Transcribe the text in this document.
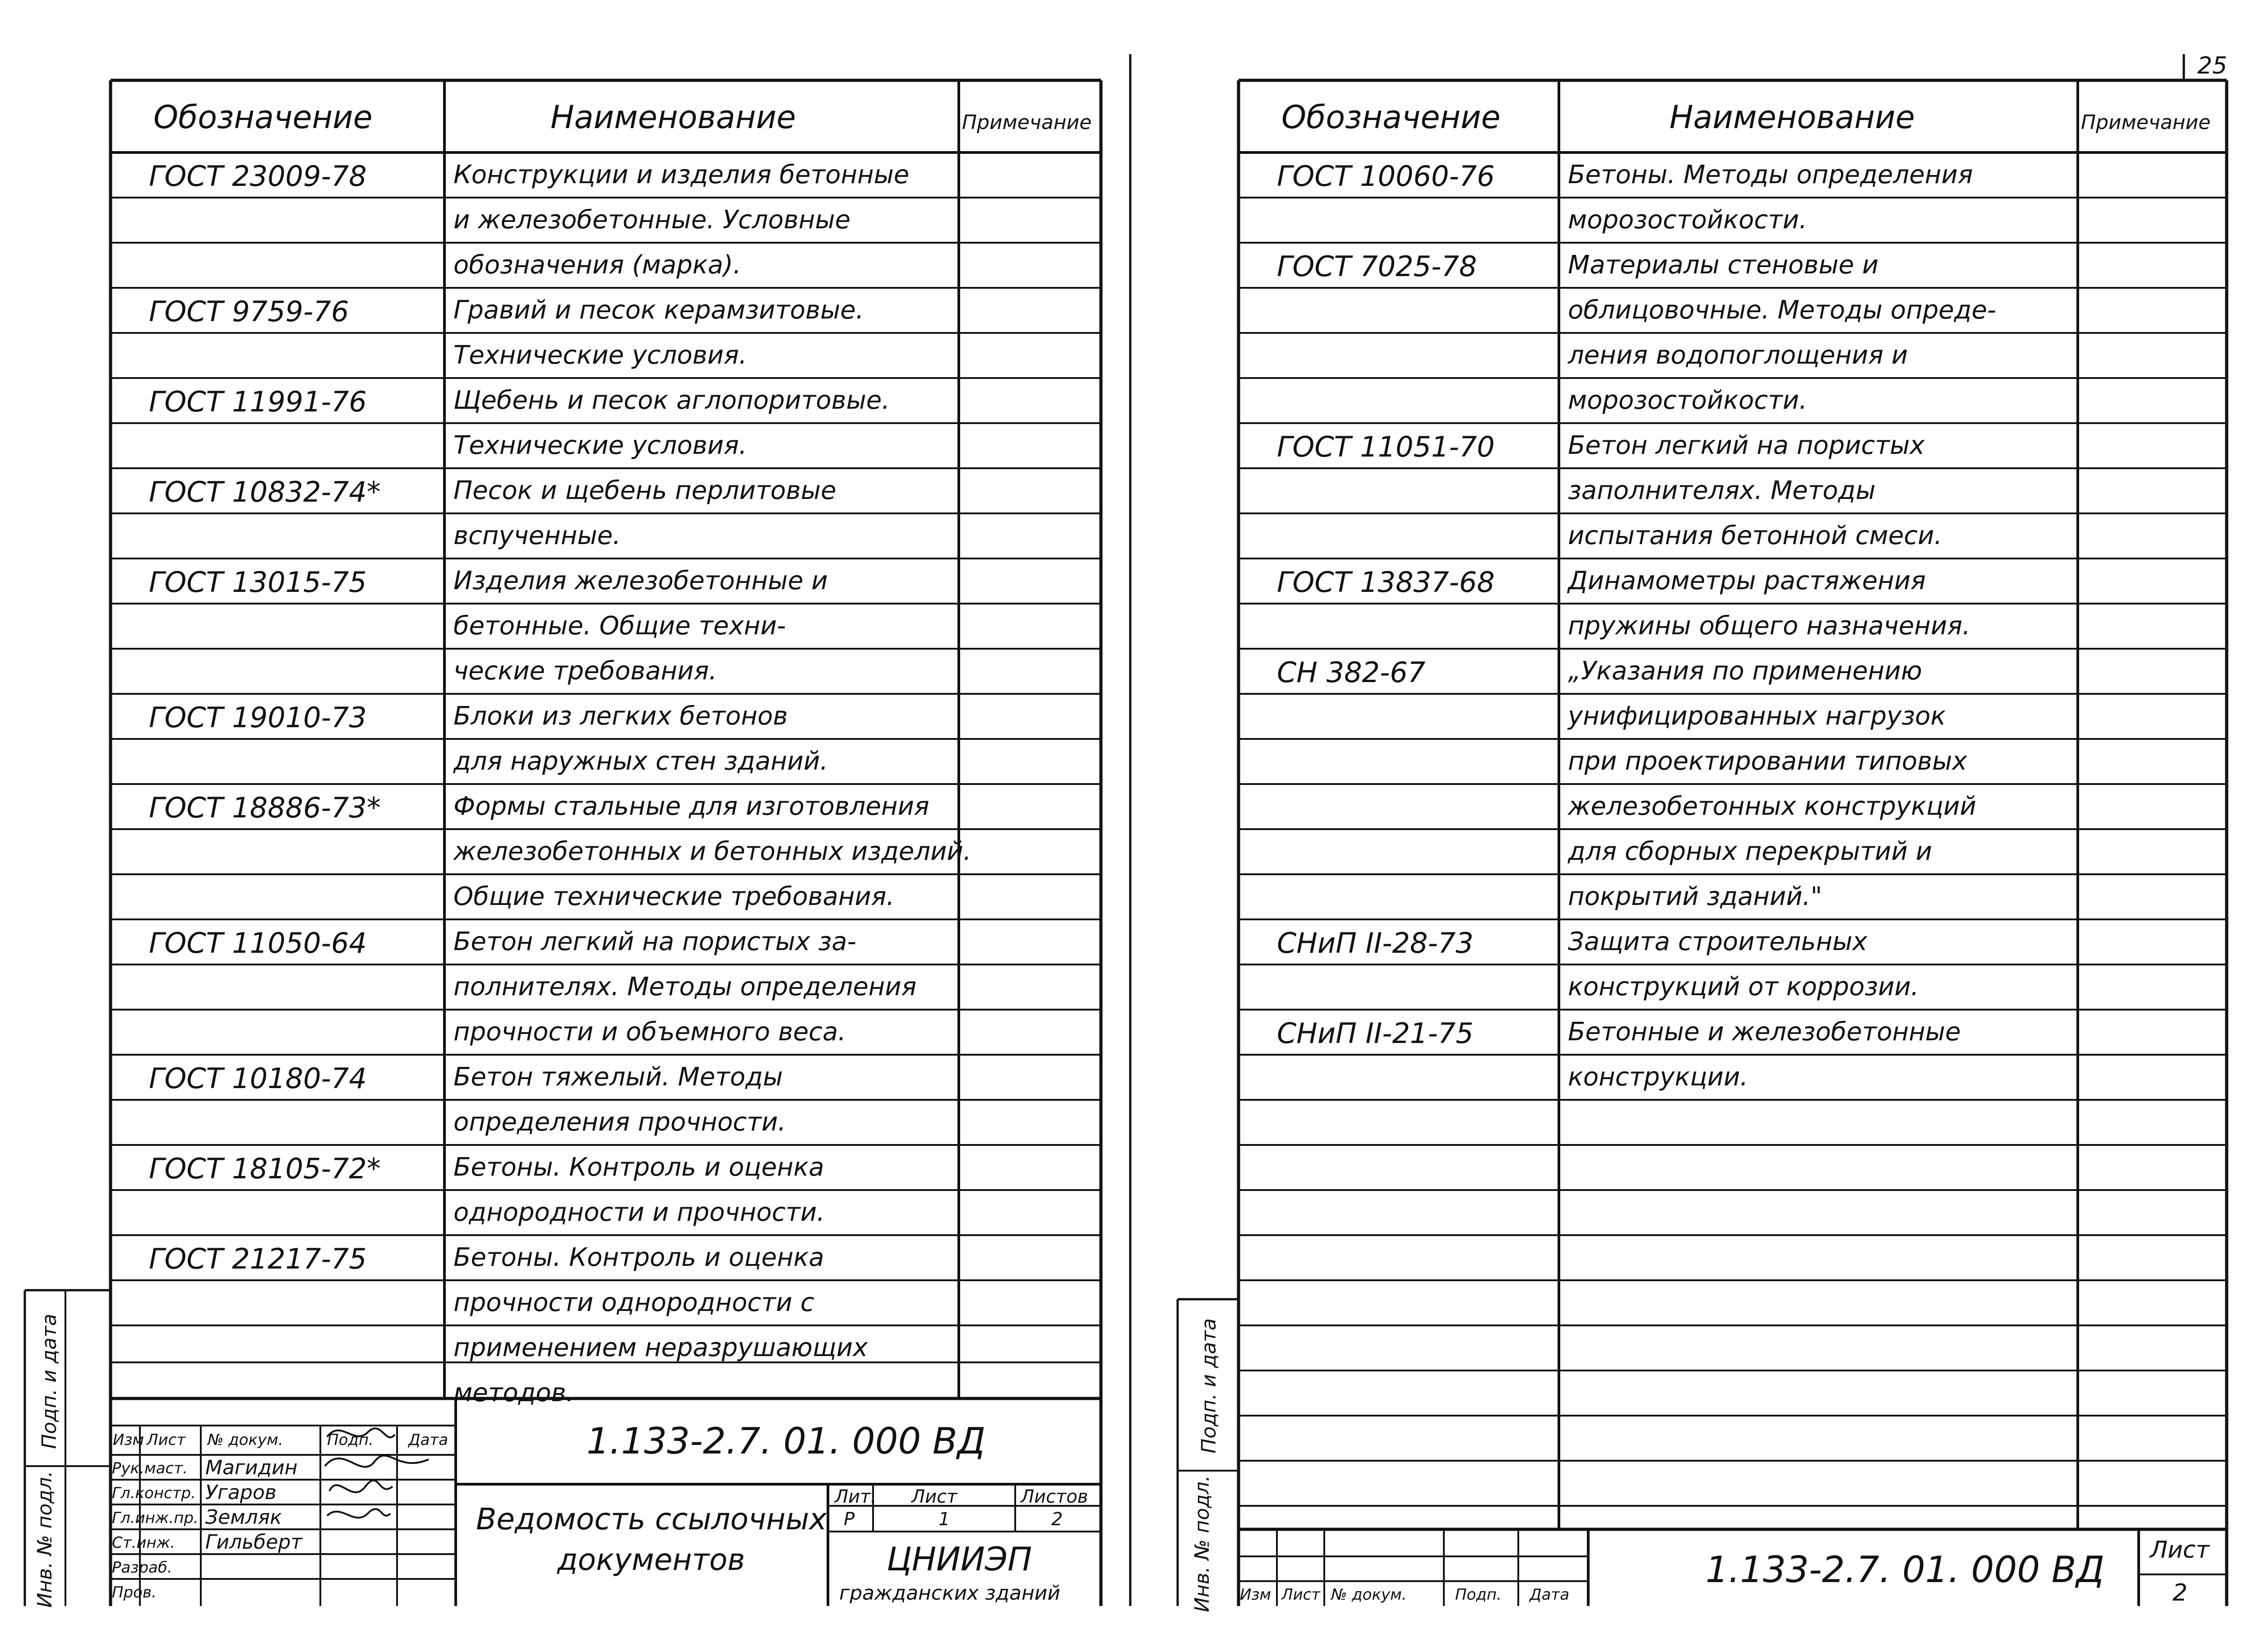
25
Обозначение	Наименование	Примечание
ГОСТ 23009-78	Конструкции и изделия бетонные
и железобетонные. Условные
обозначения (марка).
ГОСТ 9759-76	Гравий и песок керамзитовые.
Технические условия.
ГОСТ 11991-76	Щебень и песок аглопоритовые.
Технические условия.
ГОСТ 10832-74*	Песок и щебень перлитовые
вспученные.
ГОСТ 13015-75	Изделия железобетонные и
бетонные. Общие техни-
ческие требования.
ГОСТ 19010-73	Блоки из легких бетонов
для наружных стен зданий.
ГОСТ 18886-73*	Формы стальные для изготовления
железобетонных и бетонных изделий.
Общие технические требования.
ГОСТ 11050-64	Бетон легкий на пористых за-
полнителях. Методы определения
прочности и объемного веса.
ГОСТ 10180-74	Бетон тяжелый. Методы
определения прочности.
ГОСТ 18105-72*	Бетоны. Контроль и оценка
однородности и прочности.
ГОСТ 21217-75	Бетоны. Контроль и оценка
прочности однородности с
применением неразрушающих
методов.
Обозначение	Наименование	Примечание
ГОСТ 10060-76	Бетоны. Методы определения
морозостойкости.
ГОСТ 7025-78	Материалы стеновые и
облицовочные. Методы опреде-
ления водопоглощения и
морозостойкости.
ГОСТ 11051-70	Бетон легкий на пористых
заполнителях. Методы
испытания бетонной смеси.
ГОСТ 13837-68	Динамометры растяжения
пружины общего назначения.
СН 382-67	„Указания по применению
унифицированных нагрузок
при проектировании типовых
железобетонных конструкций
для сборных перекрытий и
покрытий зданий."
СНиП II-28-73	Защита строительных
конструкций от коррозии.
СНиП II-21-75	Бетонные и железобетонные
конструкции.
Подп. и дата
Инв. № подл.
Подп. и дата
Инв. № подл.
1.133-2.7. 01. 000 ВД
Ведомость ссылочных
документов
Изм Лист № докум.	Подп. Дата
Рук.маст. Магидин
Гл.констр. Угаров
Гл.инж.пр. Земляк
Ст.инж. Гильберт
Разраб.
Пров.
Лит. Лист	Листов
Р	1	2
ЦНИИЭП
гражданских зданий
1.133-2.7. 01. 000 ВД Лист
2
Изм Лист № докум.	Подп. Дата
